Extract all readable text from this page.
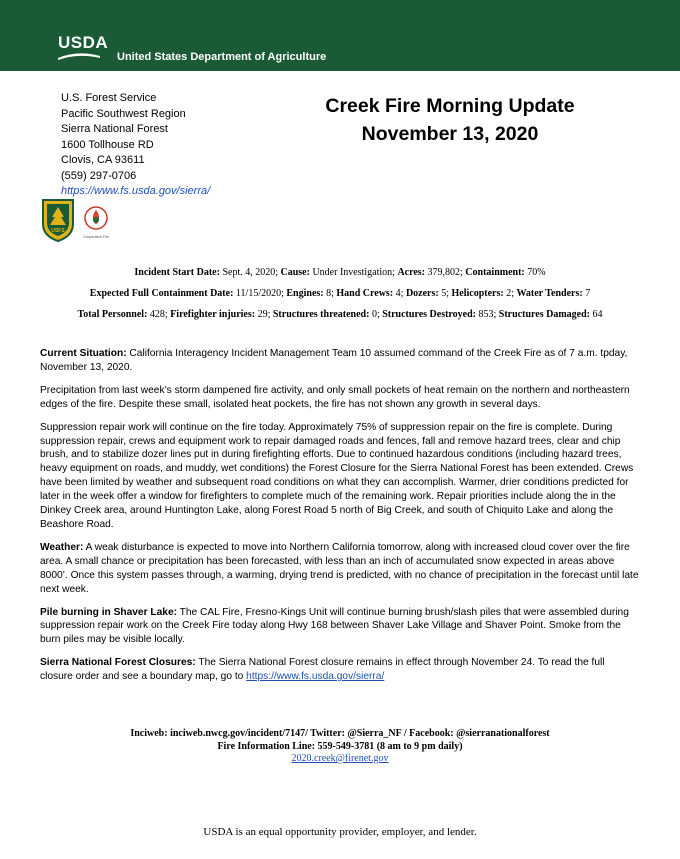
USDA
United States Department of Agriculture
U.S. Forest Service
Pacific Southwest Region
Sierra National Forest
1600 Tollhouse RD
Clovis, CA 93611
(559) 297-0706
https://www.fs.usda.gov/sierra/
Creek Fire Morning Update
November 13, 2020
USFS
Cooperative Fire
Incident Start Date: Sept. 4, 2020; Cause: Under Investigation; Acres: 379,802; Containment: 70%
Expected Full Containment Date: 11/15/2020; Engines: 8; Hand Crews: 4; Dozers: 5; Helicopters: 2; Water Tenders: 7
Total Personnel: 428; Firefighter injuries: 29; Structures threatened: 0; Structures Destroyed: 853; Structures Damaged: 64

Current Situation: California Interagency Incident Management Team 10 assumed command of the Creek Fire as of 7 a.m. tpday, November 13, 2020.

Precipitation from last week’s storm dampened fire activity, and only small pockets of heat remain on the northern and northeastern edges of the fire. Despite these small, isolated heat pockets, the fire has not shown any growth in several days.

Suppression repair work will continue on the fire today. Approximately 75% of suppression repair on the fire is complete. During suppression repair, crews and equipment work to repair damaged roads and fences, fall and remove hazard trees, clear and chip brush, and to stabilize dozer lines put in during firefighting efforts. Due to continued hazardous conditions (including hazard trees, heavy equipment on roads, and muddy, wet conditions) the Forest Closure for the Sierra National Forest has been extended. Crews have been limited by weather and subsequent road conditions on what they can accomplish. Warmer, drier conditions predicted for later in the week offer a window for firefighters to complete much of the remaining work. Repair priorities include along the in the Dinkey Creek area, around Huntington Lake, along Forest Road 5 north of Big Creek, and south of Chiquito Lake and along the Beashore Road.

Weather: A weak disturbance is expected to move into Northern California tomorrow, along with increased cloud cover over the fire area. A small chance or precipitation has been forecasted, with less than an inch of accumulated snow expected in areas above 8000’. Once this system passes through, a warming, drying trend is predicted, with no chance of precipitation in the forecast until late next week.

Pile burning in Shaver Lake: The CAL Fire, Fresno-Kings Unit will continue burning brush/slash piles that were assembled during suppression repair work on the Creek Fire today along Hwy 168 between Shaver Lake Village and Shaver Point. Smoke from the burn piles may be visible locally.

Sierra National Forest Closures: The Sierra National Forest closure remains in effect through November 24. To read the full closure order and see a boundary map, go to https://www.fs.usda.gov/sierra/

Inciweb: inciweb.nwcg.gov/incident/7147/ Twitter: @Sierra_NF / Facebook: @sierranationalforest
Fire Information Line: 559-549-3781 (8 am to 9 pm daily)
2020.creek@firenet.gov
USDA is an equal opportunity provider, employer, and lender.
